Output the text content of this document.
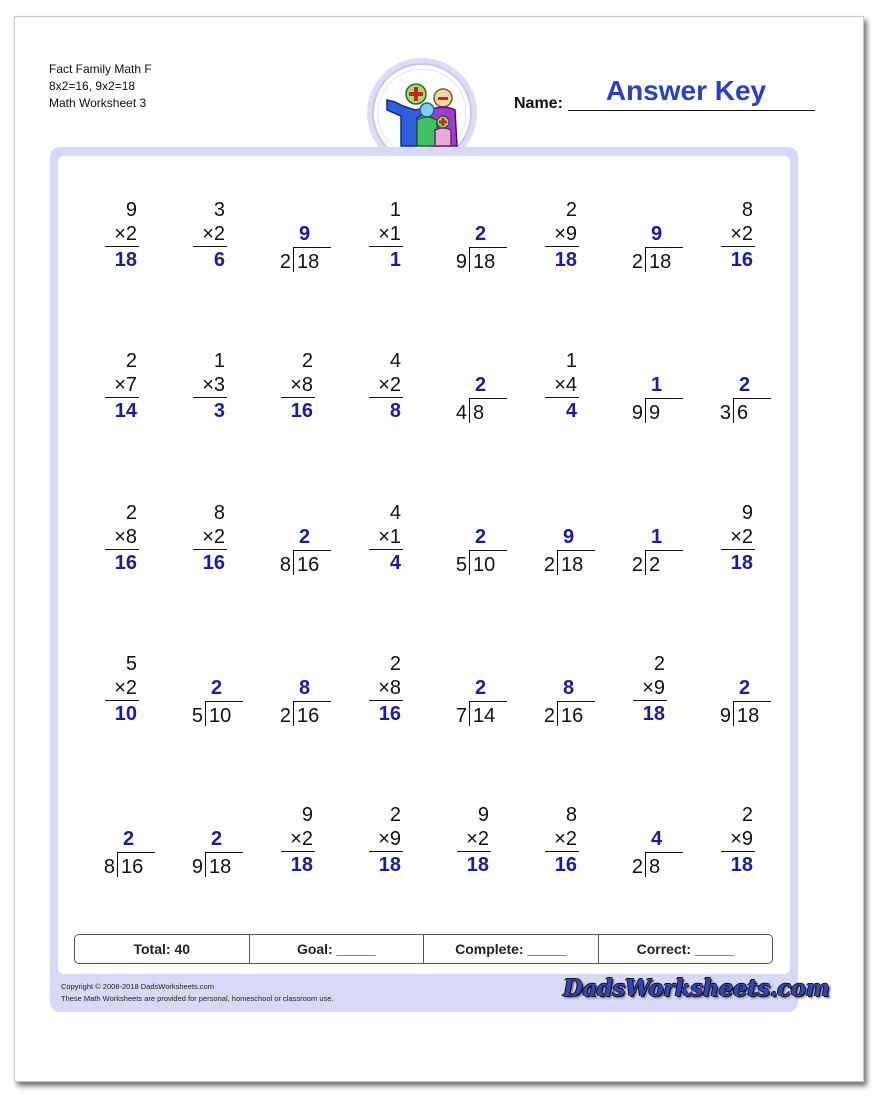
Fact Family Math F
8x2=16, 9x2=18
Math Worksheet 3	Name:	Answer Key
9
×2
18
3
×2
6
9
2 18
1
×1
1
2
9 18
2
×9
18
9
2 18
8
×2
16
2
×7
14
1
×3
3
2
×8
16
4
×2
8
2
4 8
1
×4
4
1
9 9
2
3 6
2
×8
16
8
×2
16
2
8 16
4
×1
4
2
5 10
9
2 18
1
2 2
9
×2
18
5
×2
10
2
5 10
8
2 16
2
×8
16
2
7 14
8
2 16
2
×9
18
2
9 18
2
8 16
2
9 18
9
×2
18
2
×9
18
9
×2
18
8
×2
16
4
2 8
2
×9
18
Total: 40	Goal: _____	Complete: _____	Correct: _____
Copyright © 2008-2018 DadsWorksheets.com
These Math Worksheets are provided for personal, homeschool or classroom use.	DadsWorksheets.com
